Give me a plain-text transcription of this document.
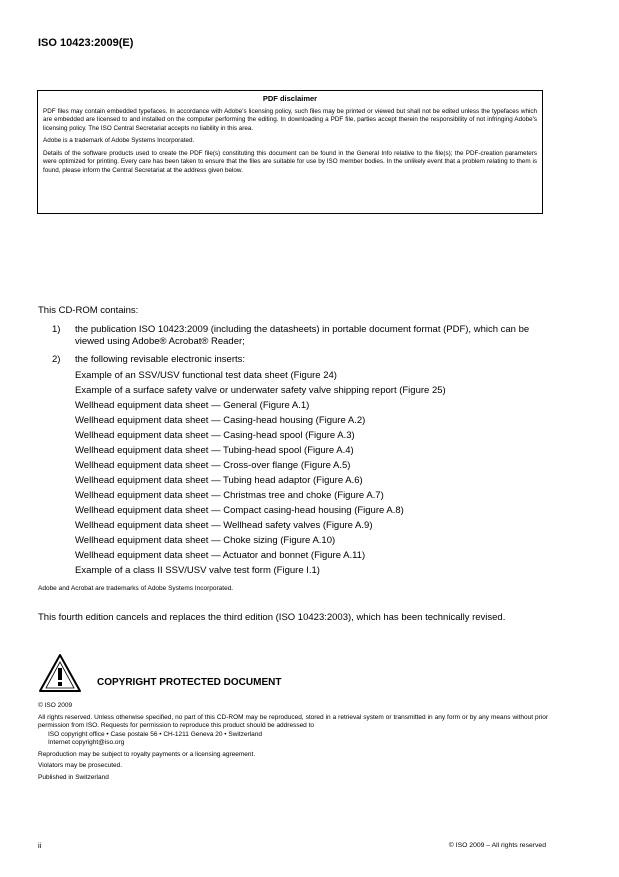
ISO 10423:2009(E)
PDF disclaimer

PDF files may contain embedded typefaces. In accordance with Adobe's licensing policy, such files may be printed or viewed but shall not be edited unless the typefaces which are embedded are licensed to and installed on the computer performing the editing. In downloading a PDF file, parties accept therein the responsibility of not infringing Adobe's licensing policy. The ISO Central Secretariat accepts no liability in this area.

Adobe is a trademark of Adobe Systems Incorporated.

Details of the software products used to create the PDF file(s) constituting this document can be found in the General Info relative to the file(s); the PDF-creation parameters were optimized for printing. Every care has been taken to ensure that the files are suitable for use by ISO member bodies. In the unlikely event that a problem relating to them is found, please inform the Central Secretariat at the address given below.

This CD-ROM contains:
1) the publication ISO 10423:2009 (including the datasheets) in portable document format (PDF), which can be viewed using Adobe® Acrobat® Reader;
2) the following revisable electronic inserts:
Example of an SSV/USV functional test data sheet (Figure 24)
Example of a surface safety valve or underwater safety valve shipping report (Figure 25)
Wellhead equipment data sheet — General (Figure A.1)
Wellhead equipment data sheet — Casing-head housing (Figure A.2)
Wellhead equipment data sheet — Casing-head spool (Figure A.3)
Wellhead equipment data sheet — Tubing-head spool (Figure A.4)
Wellhead equipment data sheet — Cross-over flange (Figure A.5)
Wellhead equipment data sheet — Tubing head adaptor (Figure A.6)
Wellhead equipment data sheet — Christmas tree and choke (Figure A.7)
Wellhead equipment data sheet — Compact casing-head housing (Figure A.8)
Wellhead equipment data sheet — Wellhead safety valves (Figure A.9)
Wellhead equipment data sheet — Choke sizing (Figure A.10)
Wellhead equipment data sheet — Actuator and bonnet (Figure A.11)
Example of a class II SSV/USV valve test form (Figure I.1)
Adobe and Acrobat are trademarks of Adobe Systems Incorporated.
This fourth edition cancels and replaces the third edition (ISO 10423:2003), which has been technically revised.
COPYRIGHT PROTECTED DOCUMENT

© ISO 2009

All rights reserved. Unless otherwise specified, no part of this CD-ROM may be reproduced, stored in a retrieval system or transmitted in any form or by any means without prior permission from ISO. Requests for permission to reproduce this product should be addressed to

ISO copyright office • Case postale 56 • CH-1211 Geneva 20 • Switzerland

Internet copyright@iso.org

Reproduction may be subject to royalty payments or a licensing agreement.

Violators may be prosecuted.

Published in Switzerland

ii	© ISO 2009 – All rights reserved
